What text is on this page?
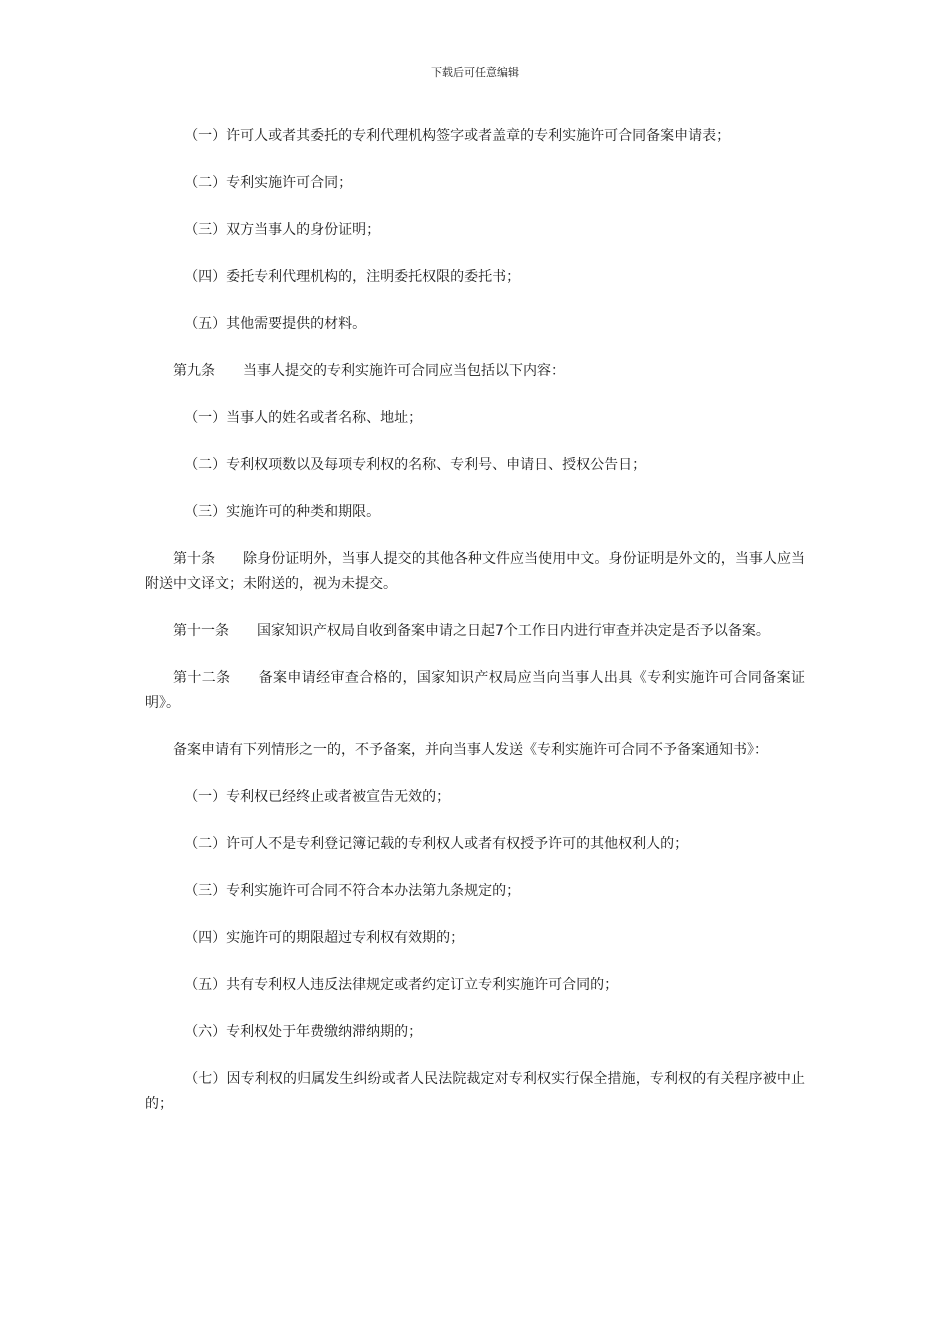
下载后可任意编辑

（一）许可人或者其委托的专利代理机构签字或者盖章的专利实施许可合同备案申请表；

（二）专利实施许可合同；

（三）双方当事人的身份证明；

（四）委托专利代理机构的，注明委托权限的委托书；

（五）其他需要提供的材料。

第九条 当事人提交的专利实施许可合同应当包括以下内容：

（一）当事人的姓名或者名称、地址；

（二）专利权项数以及每项专利权的名称、专利号、申请日、授权公告日；

（三）实施许可的种类和期限。

第十条 除身份证明外，当事人提交的其他各种文件应当使用中文。身份证明是外文的，当事人应当附送中文译文；未附送的，视为未提交。

第十一条 国家知识产权局自收到备案申请之日起7个工作日内进行审查并决定是否予以备案。

第十二条 备案申请经审查合格的，国家知识产权局应当向当事人出具《专利实施许可合同备案证明》。

备案申请有下列情形之一的，不予备案，并向当事人发送《专利实施许可合同不予备案通知书》：

（一）专利权已经终止或者被宣告无效的；

（二）许可人不是专利登记簿记载的专利权人或者有权授予许可的其他权利人的；

（三）专利实施许可合同不符合本办法第九条规定的；

（四）实施许可的期限超过专利权有效期的；

（五）共有专利权人违反法律规定或者约定订立专利实施许可合同的；

（六）专利权处于年费缴纳滞纳期的；

（七）因专利权的归属发生纠纷或者人民法院裁定对专利权实行保全措施，专利权的有关程序被中止的；
